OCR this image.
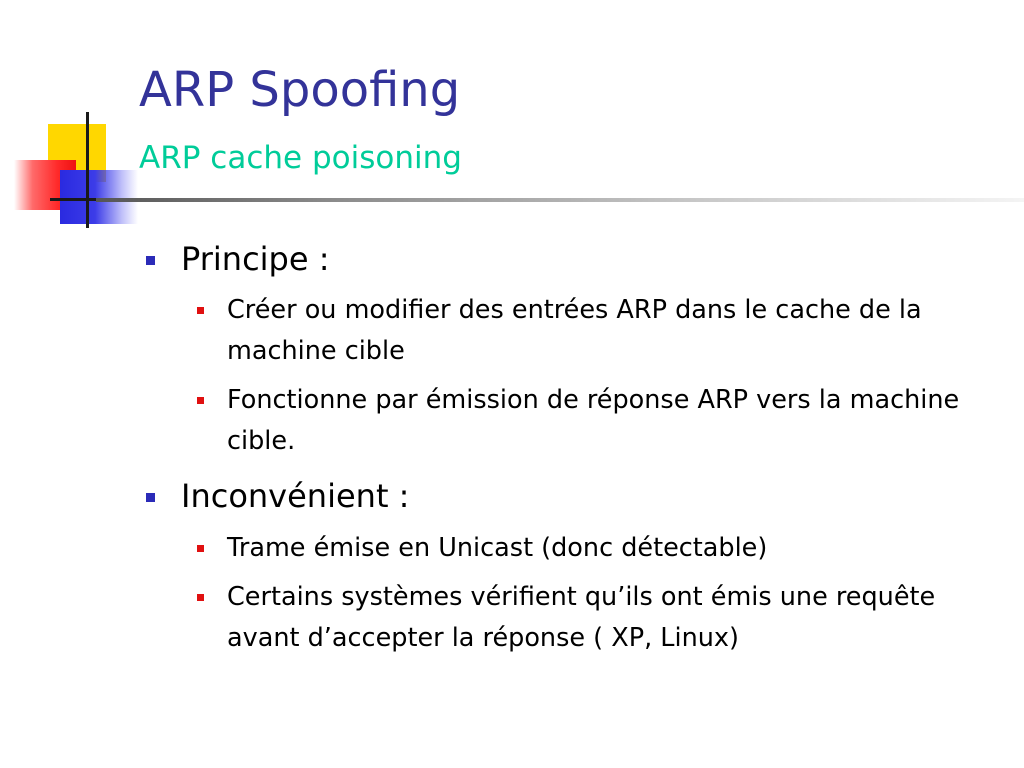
ARP Spoofing
ARP cache poisoning
Principe :
Créer ou modifier des entrées ARP dans le cache de la machine cible
Fonctionne par émission de réponse ARP vers la machine cible.
Inconvénient :
Trame émise en Unicast (donc détectable)
Certains systèmes vérifient qu’ils ont émis une requête avant d’accepter la réponse ( XP, Linux)
